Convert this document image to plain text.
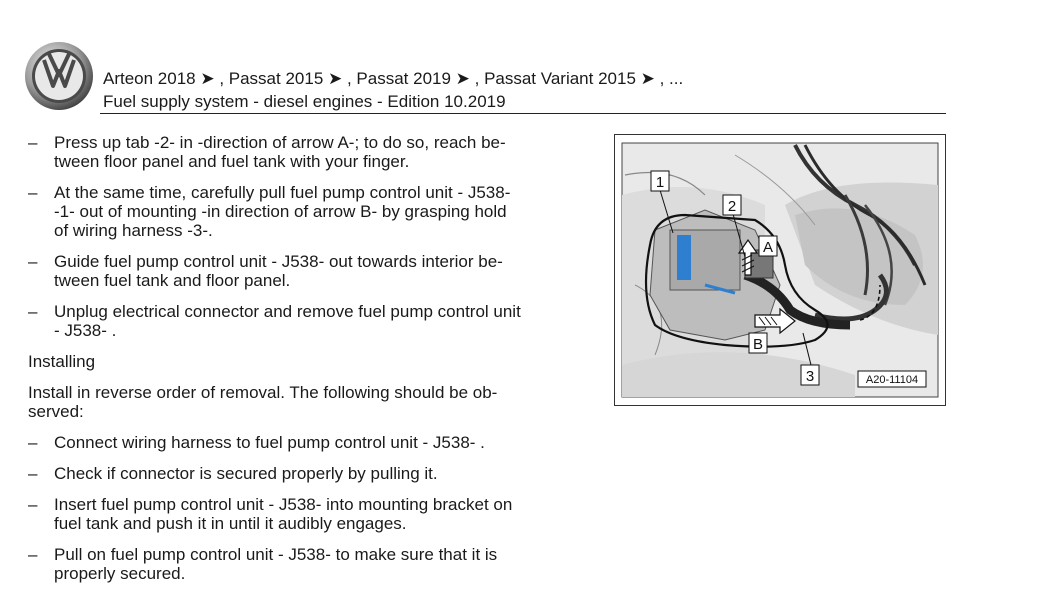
Arteon 2018 ➤ , Passat 2015 ➤ , Passat 2019 ➤ , Passat Variant 2015 ➤ , ...
Fuel supply system - diesel engines - Edition 10.2019
– Press up tab -2- in -direction of arrow A-; to do so, reach be-
tween floor panel and fuel tank with your finger.
– At the same time, carefully pull fuel pump control unit - J538-
-1- out of mounting -in direction of arrow B- by grasping hold
of wiring harness -3-.
– Guide fuel pump control unit - J538- out towards interior be-
tween fuel tank and floor panel.
– Unplug electrical connector and remove fuel pump control unit
- J538- .
Installing
Install in reverse order of removal. The following should be ob-
served:
– Connect wiring harness to fuel pump control unit - J538- .
– Check if connector is secured properly by pulling it.
– Insert fuel pump control unit - J538- into mounting bracket on
fuel tank and push it in until it audibly engages.
– Pull on fuel pump control unit - J538- to make sure that it is
properly secured.
1
2
3
A
B
A20-11104
